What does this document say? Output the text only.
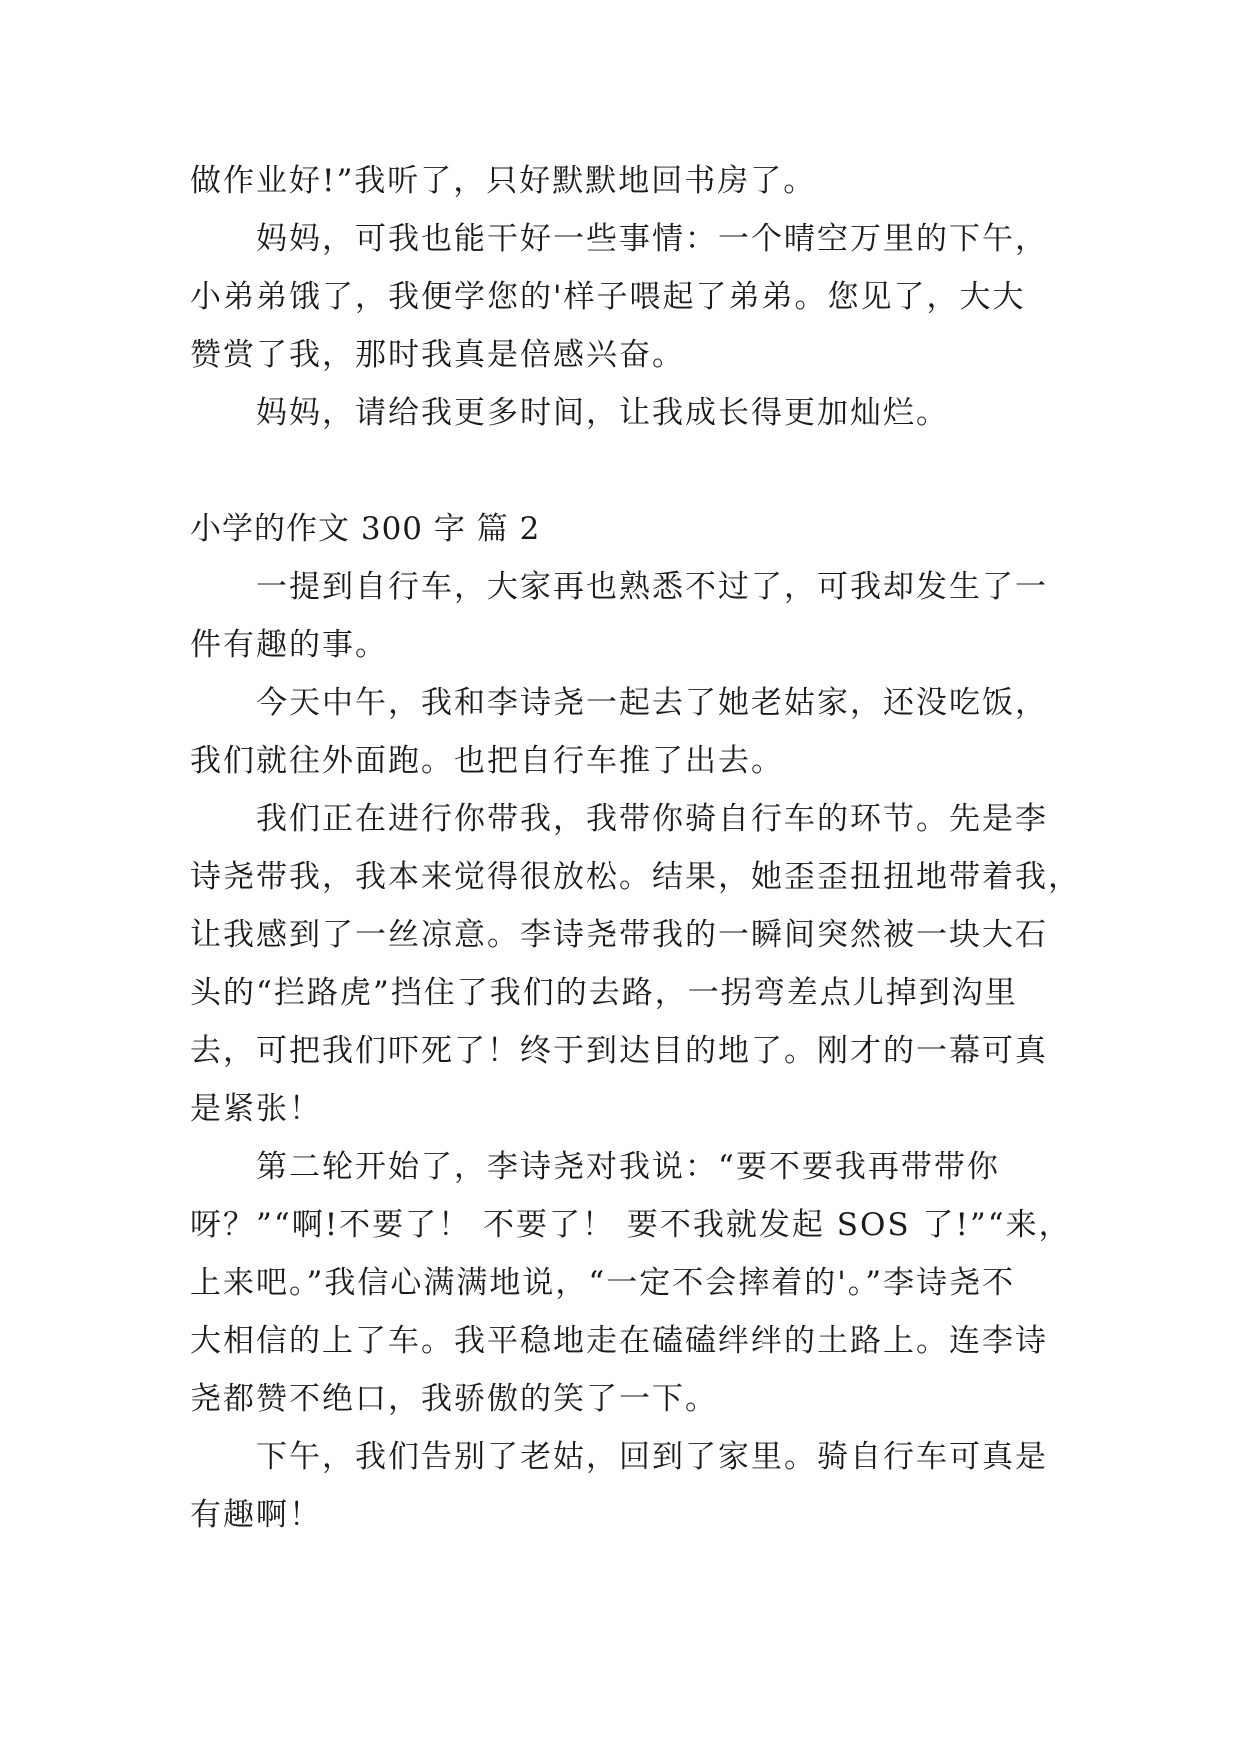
做作业好!”我听了，只好默默地回书房了。
妈妈，可我也能干好一些事情：一个晴空万里的下午，
小弟弟饿了，我便学您的'样子喂起了弟弟。您见了，大大
赞赏了我，那时我真是倍感兴奋。
妈妈，请给我更多时间，让我成长得更加灿烂。
小学的作文 300 字 篇 2
一提到自行车，大家再也熟悉不过了，可我却发生了一
件有趣的事。
今天中午，我和李诗尧一起去了她老姑家，还没吃饭，
我们就往外面跑。也把自行车推了出去。
我们正在进行你带我，我带你骑自行车的环节。先是李
诗尧带我，我本来觉得很放松。结果，她歪歪扭扭地带着我，
让我感到了一丝凉意。李诗尧带我的一瞬间突然被一块大石
头的“拦路虎”挡住了我们的去路，一拐弯差点儿掉到沟里
去，可把我们吓死了！终于到达目的地了。刚才的一幕可真
是紧张！
第二轮开始了，李诗尧对我说：“要不要我再带带你
呀？”“啊!不要了！ 不要了！ 要不我就发起 SOS 了!”“来，
上来吧。”我信心满满地说，“一定不会摔着的'。”李诗尧不
大相信的上了车。我平稳地走在磕磕绊绊的土路上。连李诗
尧都赞不绝口，我骄傲的笑了一下。
下午，我们告别了老姑，回到了家里。骑自行车可真是
有趣啊！
